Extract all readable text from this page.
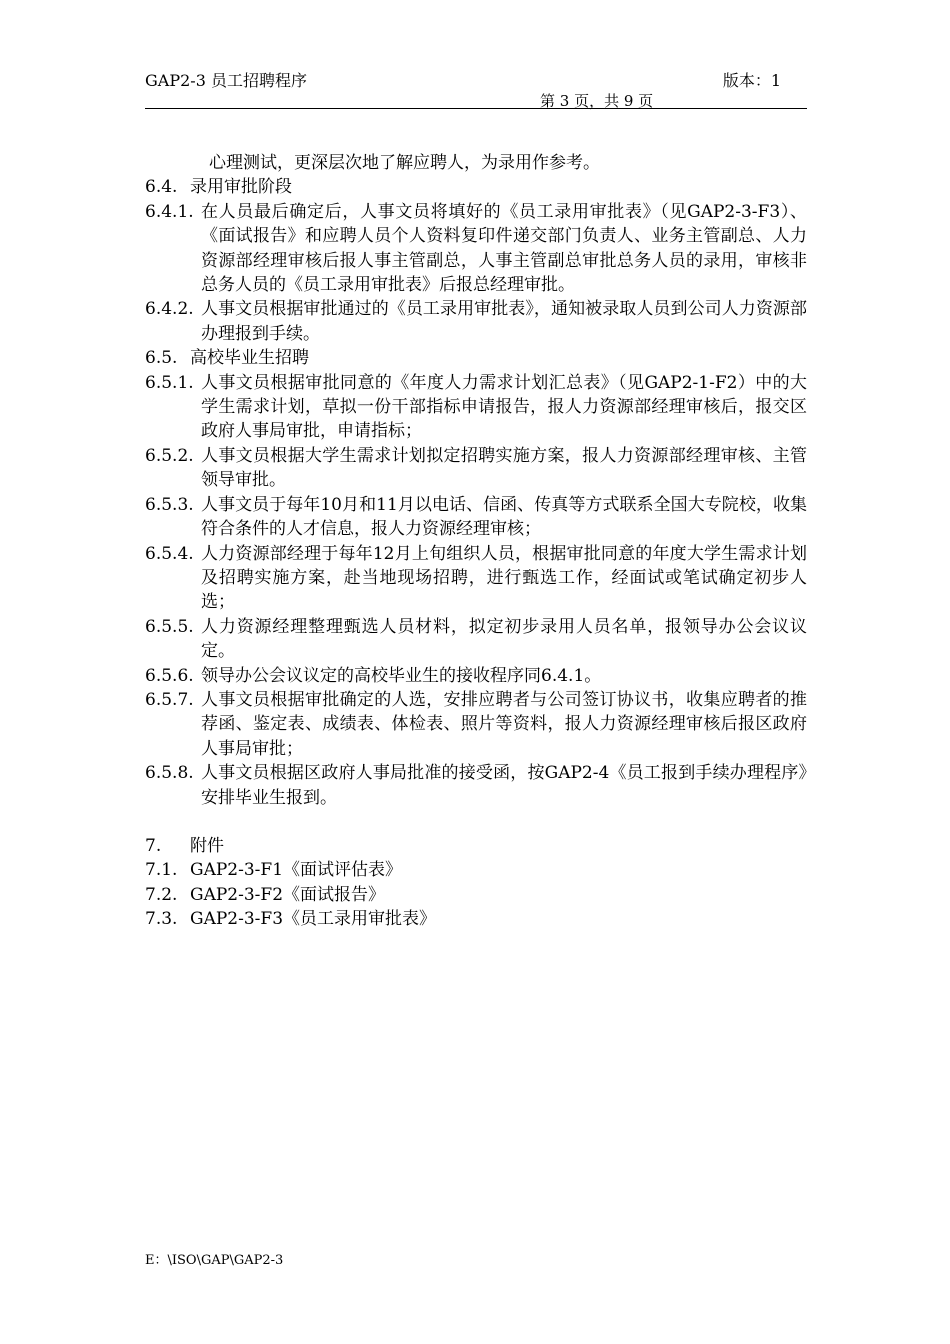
GAP2-3 员工招聘程序	版本：1
第 3 页，共 9 页
心理测试，更深层次地了解应聘人，为录用作参考。
6.4. 录用审批阶段
6.4.1. 在人员最后确定后，人事文员将填好的《员工录用审批表》（见GAP2-3-F3）、《面试报告》和应聘人员个人资料复印件递交部门负责人、业务主管副总、人力资源部经理审核后报人事主管副总，人事主管副总审批总务人员的录用，审核非总务人员的《员工录用审批表》后报总经理审批。
6.4.2. 人事文员根据审批通过的《员工录用审批表》，通知被录取人员到公司人力资源部办理报到手续。
6.5. 高校毕业生招聘
6.5.1. 人事文员根据审批同意的《年度人力需求计划汇总表》（见GAP2-1-F2）中的大学生需求计划，草拟一份干部指标申请报告，报人力资源部经理审核后，报交区政府人事局审批，申请指标；
6.5.2. 人事文员根据大学生需求计划拟定招聘实施方案，报人力资源部经理审核、主管领导审批。
6.5.3. 人事文员于每年10月和11月以电话、信函、传真等方式联系全国大专院校，收集符合条件的人才信息，报人力资源经理审核；
6.5.4. 人力资源部经理于每年12月上旬组织人员，根据审批同意的年度大学生需求计划及招聘实施方案，赴当地现场招聘，进行甄选工作，经面试或笔试确定初步人选；
6.5.5. 人力资源经理整理甄选人员材料，拟定初步录用人员名单，报领导办公会议议定。
6.5.6. 领导办公会议议定的高校毕业生的接收程序同6.4.1。
6.5.7. 人事文员根据审批确定的人选，安排应聘者与公司签订协议书，收集应聘者的推荐函、鉴定表、成绩表、体检表、照片等资料，报人力资源经理审核后报区政府人事局审批；
6.5.8. 人事文员根据区政府人事局批准的接受函，按GAP2-4《员工报到手续办理程序》安排毕业生报到。
7.	附件
7.1. GAP2-3-F1《面试评估表》
7.2. GAP2-3-F2《面试报告》
7.3. GAP2-3-F3《员工录用审批表》
E：\ISO\GAP\GAP2-3
